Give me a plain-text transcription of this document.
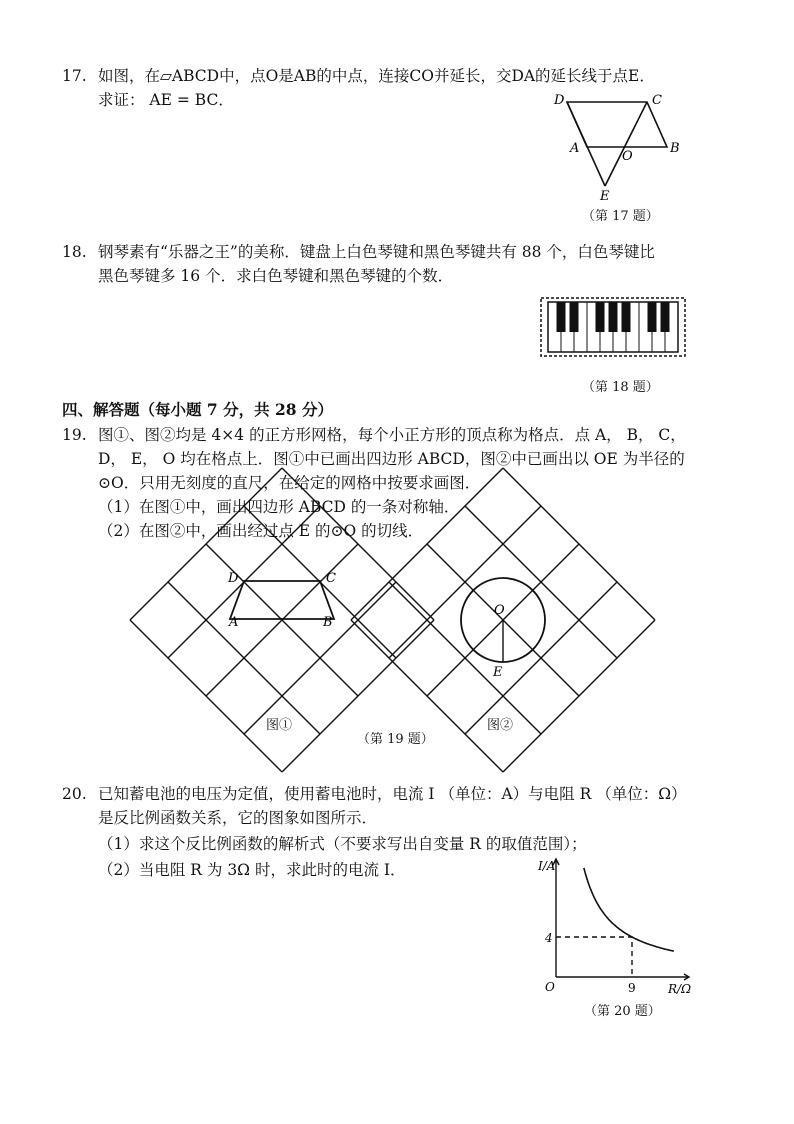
17. 如图，在▱ABCD中，点O是AB的中点，连接CO并延长，交DA的延长线于点E．
求证： AE = BC．	D	C
A
O
B
E
（第 17 题）
18. 钢琴素有“乐器之王”的美称．键盘上白色琴键和黑色琴键共有 88 个，白色琴键比
黑色琴键多 16 个．求白色琴键和黑色琴键的个数．
（第 18 题）
四、解答题（每小题 7 分，共 28 分）
19. 图①、图②均是 4×4 的正方形网格，每个小正方形的顶点称为格点．点 A， B， C，
D， E， O 均在格点上．图①中已画出四边形 ABCD，图②中已画出以 OE 为半径的
⊙O．只用无刻度的直尺，在给定的网格中按要求画图．
（1）在图①中，画出四边形 ABCD 的一条对称轴．
（2）在图②中，画出经过点 E 的⊙O 的切线．
D	C
A	B
图①
O
E
图②
（第 19 题）
20. 已知蓄电池的电压为定值，使用蓄电池时，电流 I （单位：A）与电阻 R （单位：Ω）
是反比例函数关系，它的图象如图所示．
（1）求这个反比例函数的解析式（不要求写出自变量 R 的取值范围）；
（2）当电阻 R 为 3Ω 时，求此时的电流 I．	I/A
R/Ω
O
4
9
（第 20 题）
